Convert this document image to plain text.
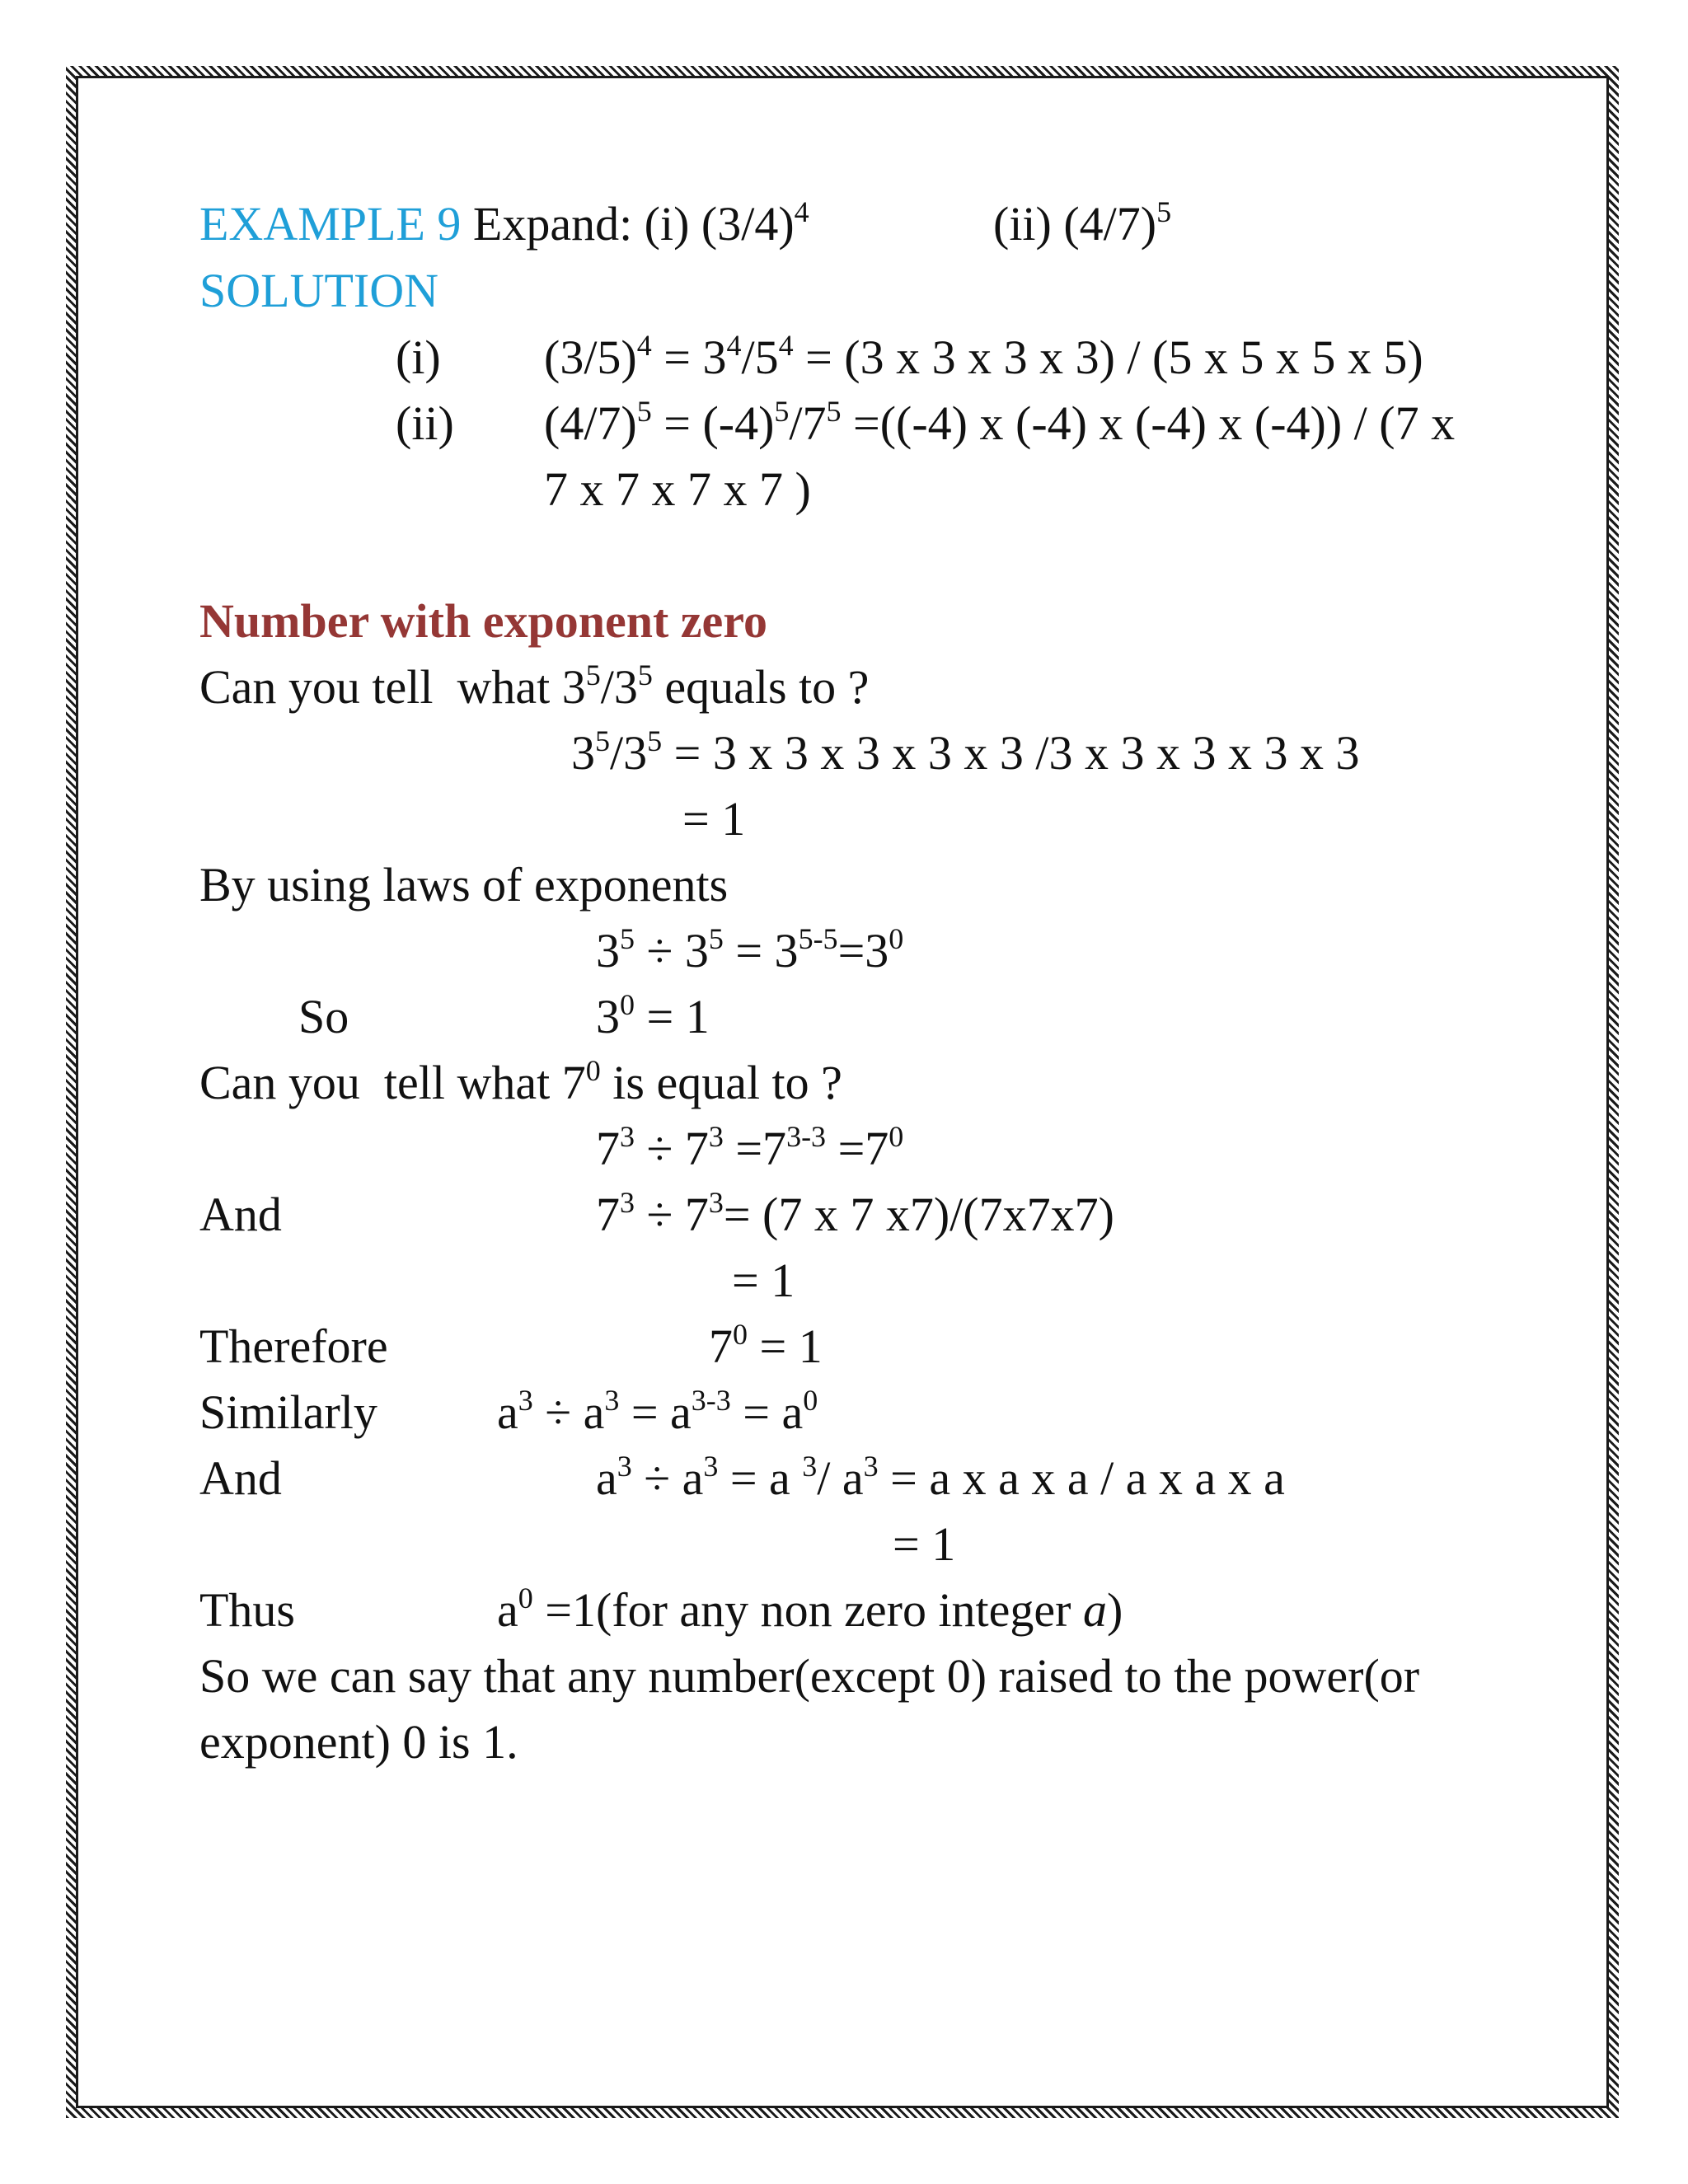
EXAMPLE 9 Expand: (i) $(3/4)^4$	(ii) $(4/7)^5$
SOLUTION
(i) $(3/5)^4 = 3^4/5^4 = (3$ x 3 x 3 x 3) / (5 x 5 x 5 x 5)
(ii) $(4/7)^5 = (-4)^5/7^5 =((-4)$ x (-4) x (-4) x (-4)) / (7 x
7 x 7 x 7 x 7 )
Number with exponent zero
Can you tell  what $3^5/3^5$ equals to ?
$3^5/3^5 = 3$ x 3 x 3 x 3 x 3 /3 x 3 x 3 x 3 x 3
= 1
By using laws of exponents
$3^5 \div 3^5 = 3^{5-5}=3^0$
So	$3^0 = 1$
Can you  tell what $7^0$ is equal to ?
$7^3 \div 7^3 =7^{3-3} =7^0$
And	$7^3 \div 7^3= (7$ x 7 x7)/(7x7x7)
= 1
Therefore	$7^0 = 1$
Similarly	$a^3 \div a^3 = a^{3-3} = a^0$
And	$a^3 \div a^3 = a$ $^3$/ $a^3 = a$ x a x a / a x a x a
= 1
Thus	$a^0 =1(for$ any non zero integer a)
So we can say that any number(except 0) raised to the power(or
exponent) 0 is 1.
